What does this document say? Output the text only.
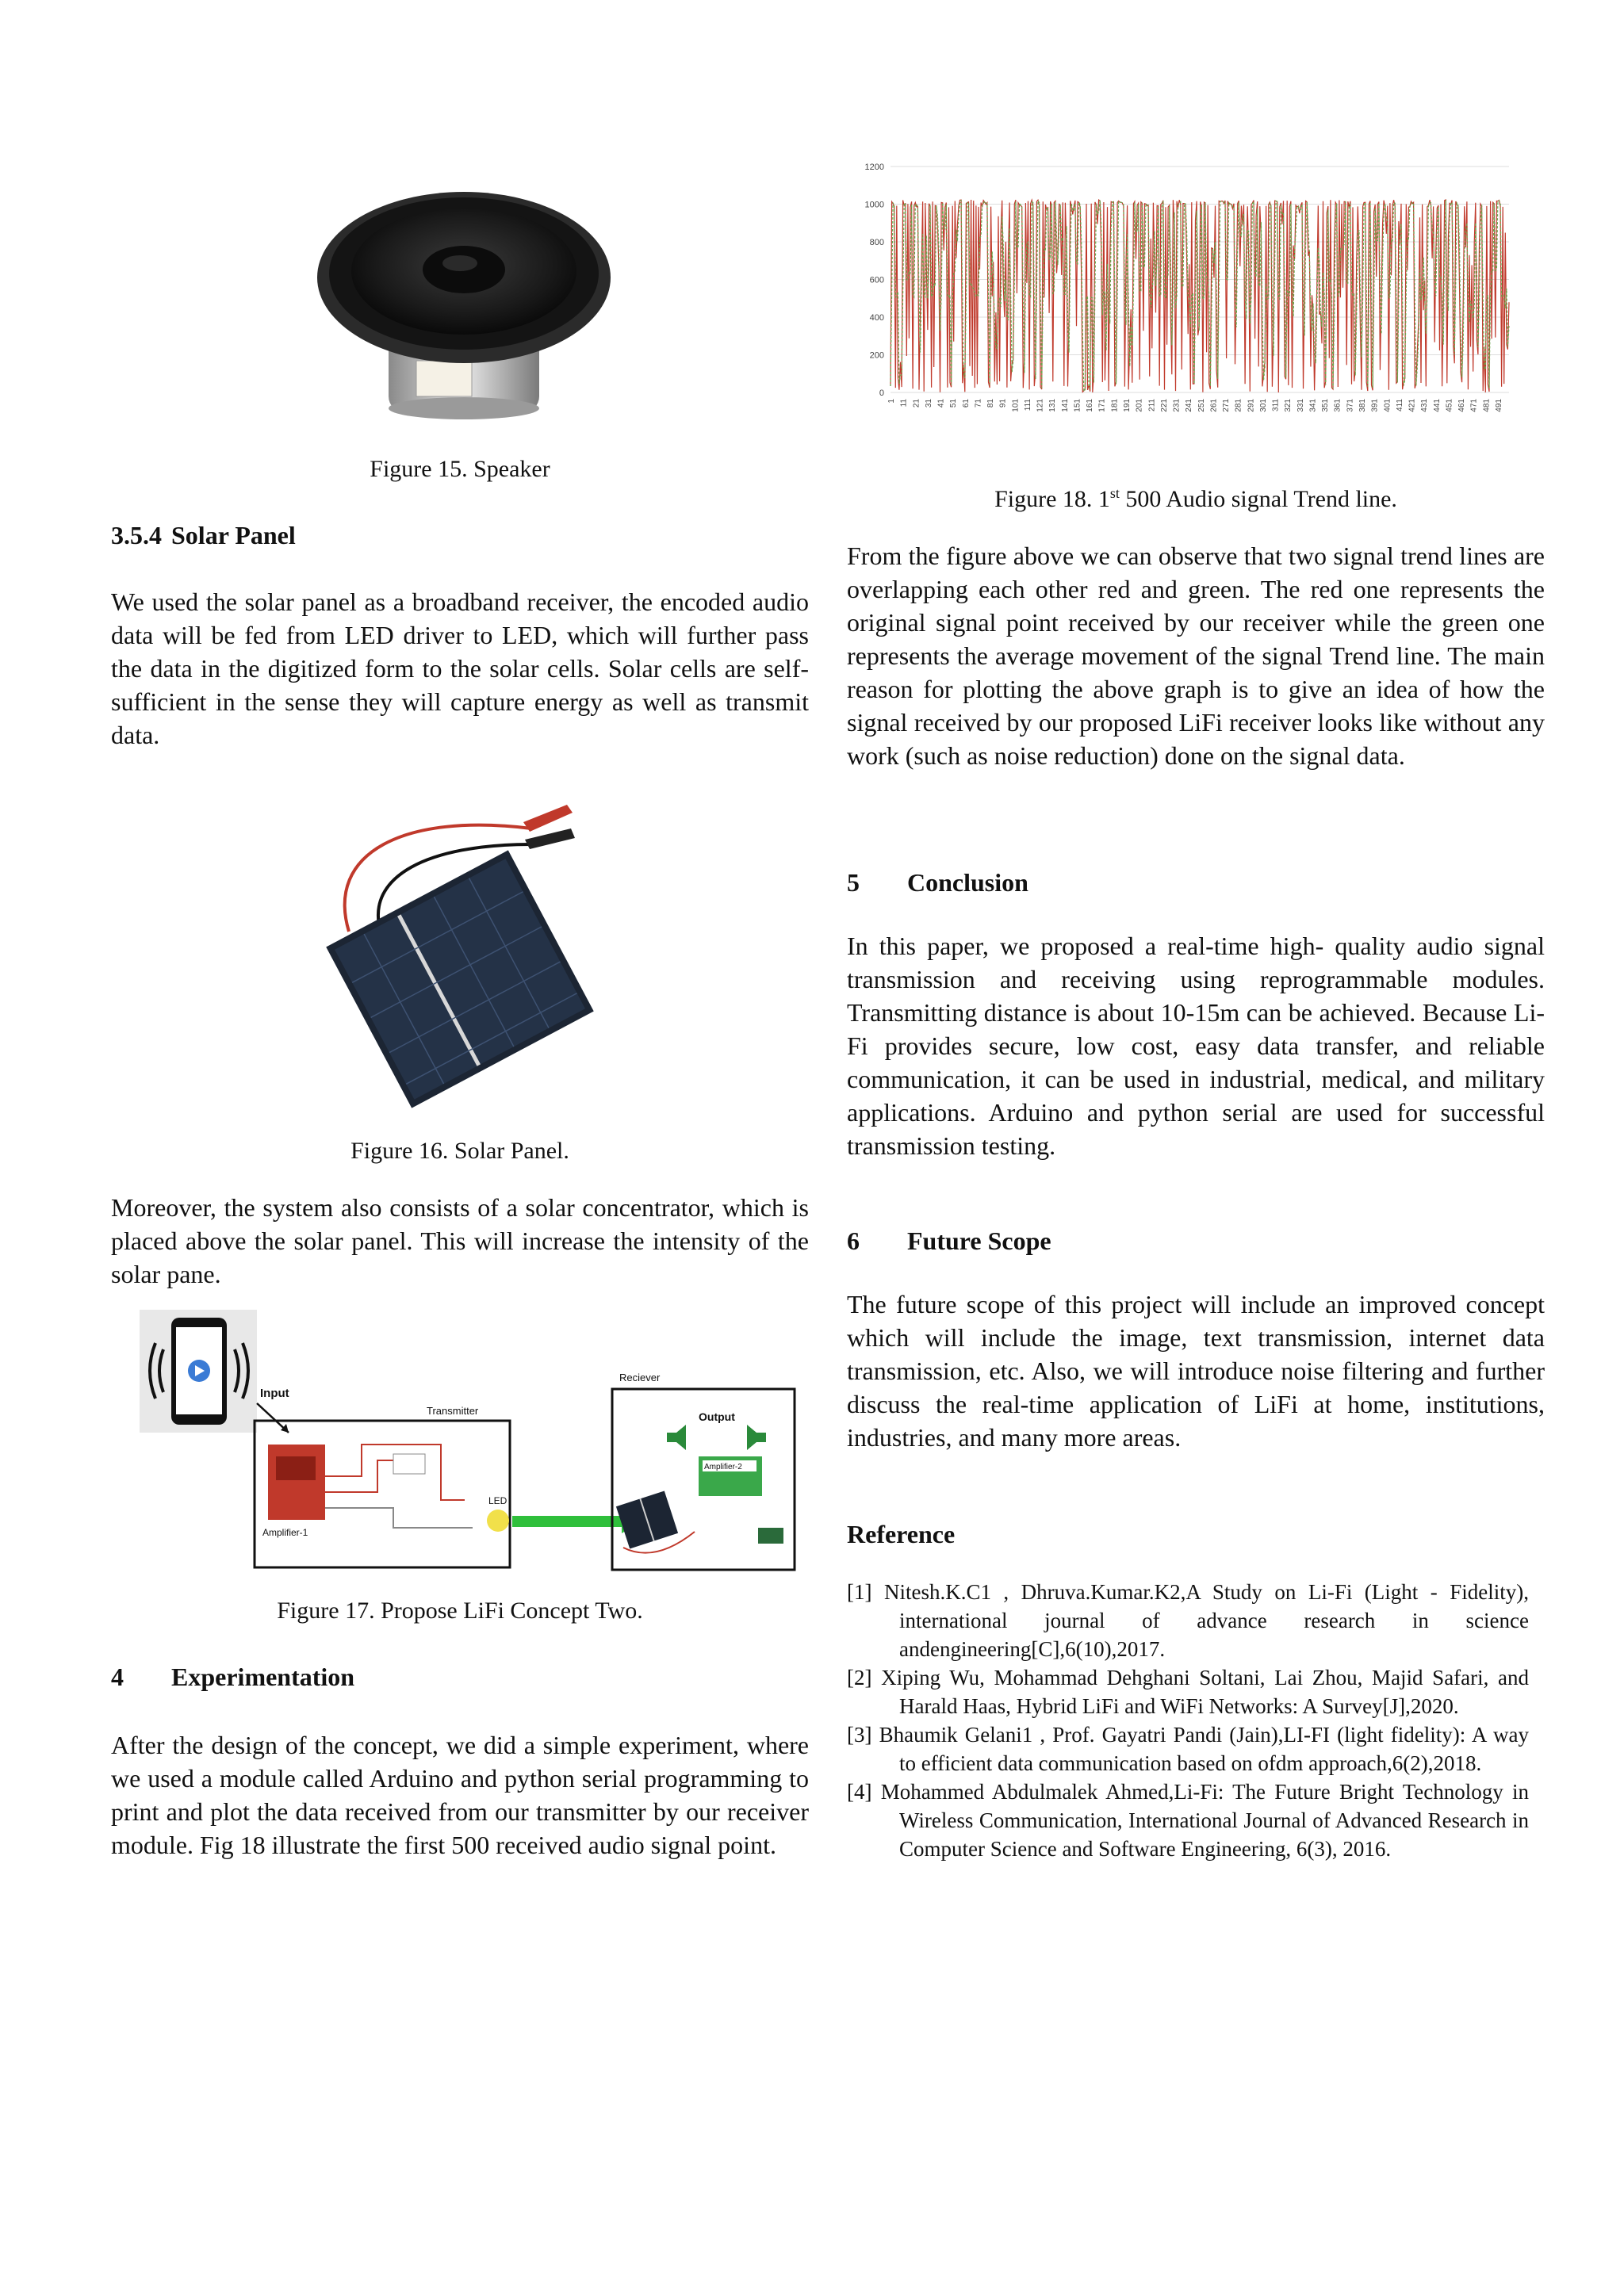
Figure 15. Speaker

3.5.4 Solar Panel

We used the solar panel as a broadband receiver, the encoded audio data will be fed from LED driver to LED, which will further pass the data in the digitized form to the solar cells. Solar cells are self-sufficient in the sense they will capture energy as well as transmit data.

Figure 16. Solar Panel.

Moreover, the system also consists of a solar concentrator, which is placed above the solar panel. This will increase the intensity of the solar pane.

Input
Transmitter
Amplifier-1
LED
Reciever
Output
Amplifier-2

Figure 17. Propose LiFi Concept Two.

4 Experimentation

After the design of the concept, we did a simple experiment, where we used a module called Arduino and python serial programming to print and plot the data received from our transmitter by our receiver module. Fig 18 illustrate the first 500 received audio signal point.

0
200
400
600
800
1000
1200
1 11 21 31 41 51 61 71 81 91 101 111 121 131 141 151 161 171 181 191 201 211 221 231 241 251 261 271 281 291 301 311 321 331 341 351 361 371 381 391 401 411 421 431 441 451 461 471 481 491

Figure 18. 1st 500 Audio signal Trend line.

From the figure above we can observe that two signal trend lines are overlapping each other red and green. The red one represents the original signal point received by our receiver while the green one represents the average movement of the signal Trend line. The main reason for plotting the above graph is to give an idea of how the signal received by our proposed LiFi receiver looks like without any work (such as noise reduction) done on the signal data.

5 Conclusion

In this paper, we proposed a real-time high- quality audio signal transmission and receiving using reprogrammable modules. Transmitting distance is about 10-15m can be achieved. Because Li-Fi provides secure, low cost, easy data transfer, and reliable communication, it can be used in industrial, medical, and military applications. Arduino and python serial are used for successful transmission testing.

6 Future Scope

The future scope of this project will include an improved concept which will include the image, text transmission, internet data transmission, etc. Also, we will introduce noise filtering and further discuss the real-time application of LiFi at home, institutions, industries, and many more areas.

Reference
[1] Nitesh.K.C1 , Dhruva.Kumar.K2,A Study on Li-Fi (Light - Fidelity), international journal of advance research in science andengineering[C],6(10),2017.
[2] Xiping Wu, Mohammad Dehghani Soltani, Lai Zhou, Majid Safari, and Harald Haas, Hybrid LiFi and WiFi Networks: A Survey[J],2020.
[3] Bhaumik Gelani1 , Prof. Gayatri Pandi (Jain),LI-FI (light fidelity): A way to efficient data communication based on ofdm approach,6(2),2018.
[4] Mohammed Abdulmalek Ahmed,Li-Fi: The Future Bright Technology in Wireless Communication, International Journal of Advanced Research in Computer Science and Software Engineering, 6(3), 2016.
